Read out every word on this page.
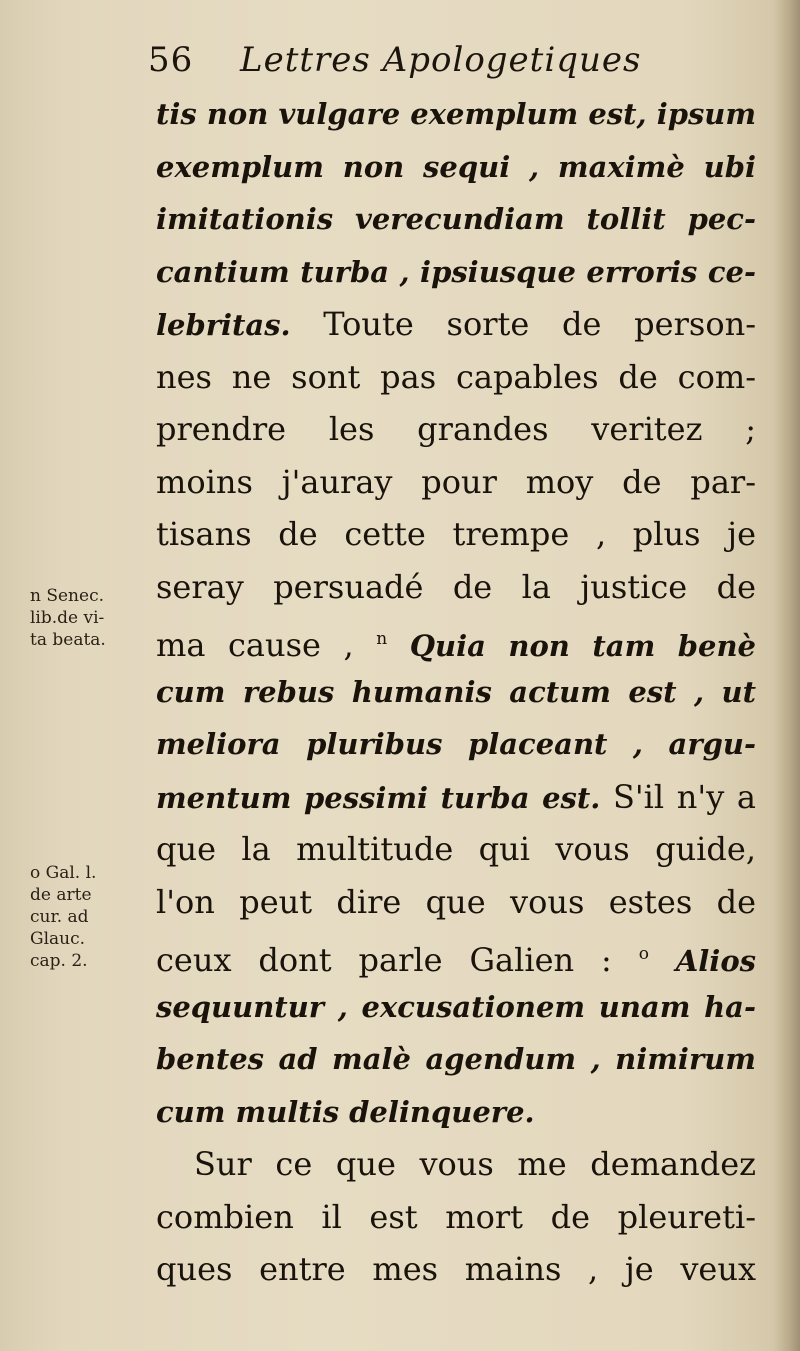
56 Lettres Apologetiques
tis non vulgare exemplum est, ipsum
exemplum non sequi , maximè ubi
imitationis verecundiam tollit pec-
cantium turba , ipsiusque erroris ce-
lebritas. Toute sorte de person-
nes ne sont pas capables de com-
prendre les grandes veritez ;
moins j'auray pour moy de par-
tisans de cette trempe , plus je
seray persuadé de la justice de
ma cause , $^n$ Quia non tam benè
cum rebus humanis actum est , ut
meliora pluribus placeant , argu-
mentum pessimi turba est. S'il n'y a
que la multitude qui vous guide,
l'on peut dire que vous estes de
ceux dont parle Galien : $^o$ Alios
sequuntur , excusationem unam ha-
bentes ad malè agendum , nimirum
cum multis delinquere.
Sur ce que vous me demandez
combien il est mort de pleureti-
ques entre mes mains , je veux
n Senec.
lib.de vi-
ta beata.
o Gal. l.
de arte
cur. ad
Glauc.
cap. 2.
